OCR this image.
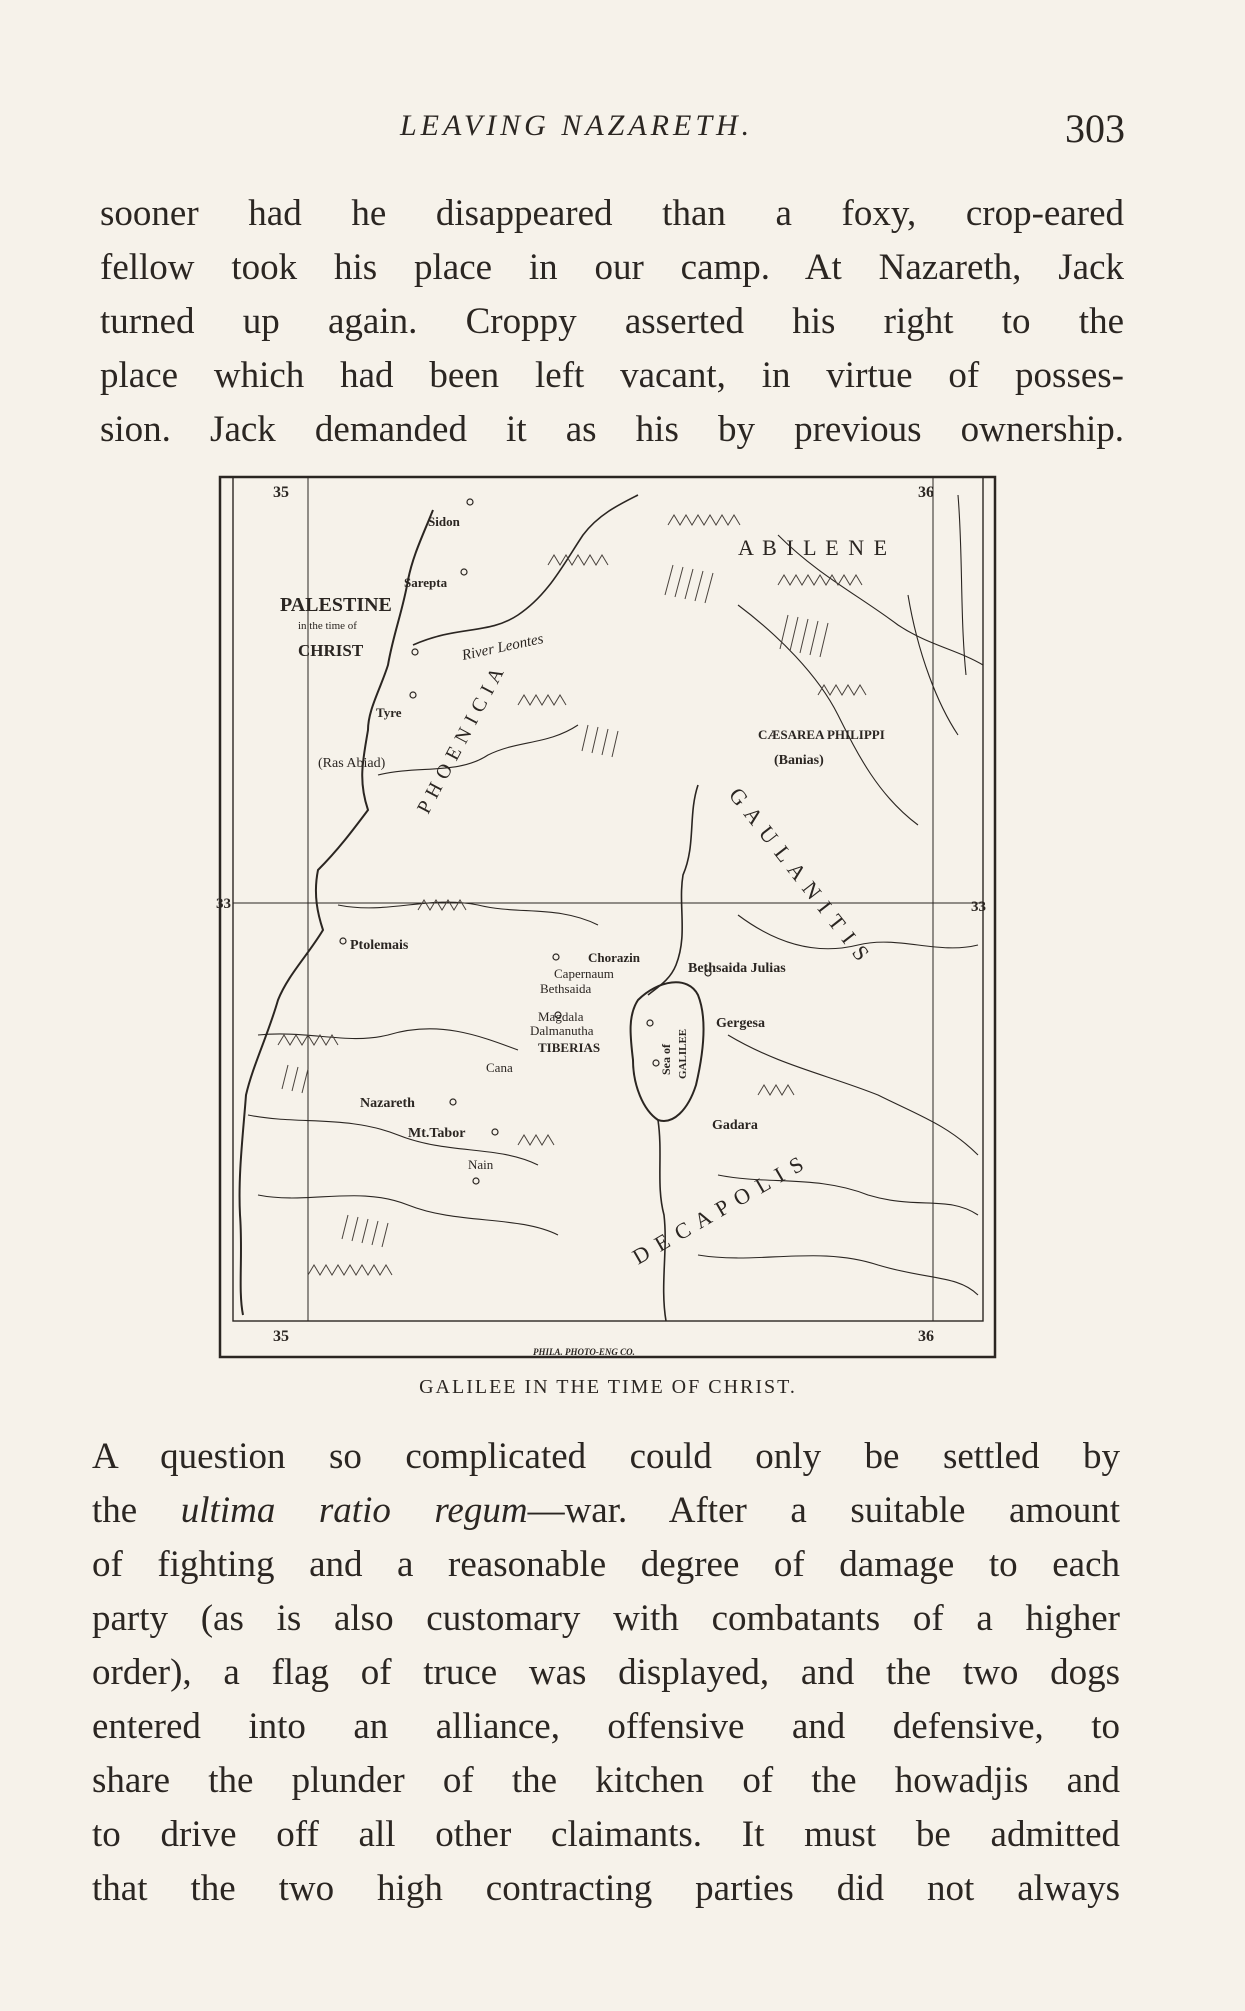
LEAVING NAZARETH.	303

sooner had he disappeared than a foxy, crop-eared
fellow took his place in our camp. At Nazareth, Jack
turned up again. Croppy asserted his right to the
place which had been left vacant, in virtue of posses-
sion. Jack demanded it as his by previous ownership.

35	36
35	36
33	33
PALESTINE
in the time of
CHRIST
Sidon
Sarepta
Tyre
(Ras Abiad)
Ptolemais
Chorazin
Capernaum
Bethsaida
Magdala
Dalmanutha
TIBERIAS
Cana
Nazareth
Mt.Tabor
Nain
Bethsaida Julias
Gergesa
Gadara
CÆSAREA PHILIPPI
(Banias)
River Leontes
Sea of GALILEE
A B I L E N E
P H O E N I C I A
G A U L A N I T I S
D E C A P O L I S
PHILA. PHOTO-ENG CO.
GALILEE IN THE TIME OF CHRIST.

A question so complicated could only be settled by
the ultima ratio regum—war. After a suitable amount
of fighting and a reasonable degree of damage to each
party (as is also customary with combatants of a higher
order), a flag of truce was displayed, and the two dogs
entered into an alliance, offensive and defensive, to
share the plunder of the kitchen of the howadjis and
to drive off all other claimants. It must be admitted
that the two high contracting parties did not always
